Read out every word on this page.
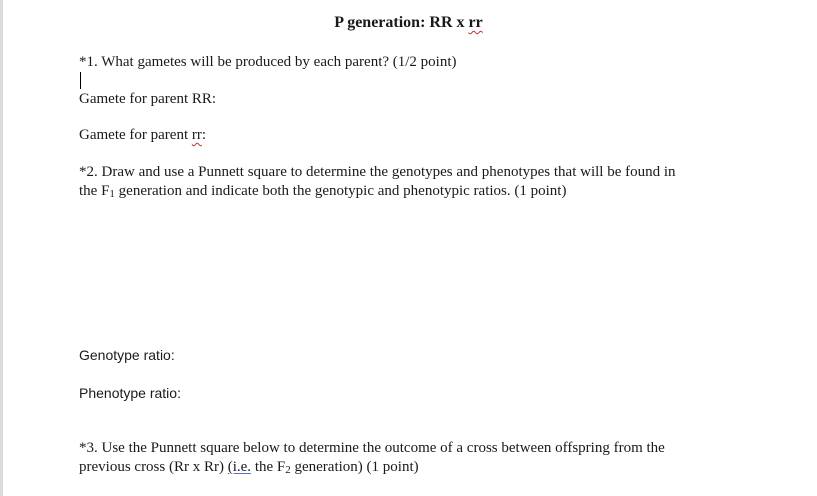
P generation: RR x rr
*1. What gametes will be produced by each parent? (1/2 point)
Gamete for parent RR:
Gamete for parent rr:
*2. Draw and use a Punnett square to determine the genotypes and phenotypes that will be found in
the $F_1$ generation and indicate both the genotypic and phenotypic ratios. (1 point)
Genotype ratio:
Phenotype ratio:
*3. Use the Punnett square below to determine the outcome of a cross between offspring from the
previous cross (Rr x Rr) (i.e. the $F_2$ generation) (1 point)
